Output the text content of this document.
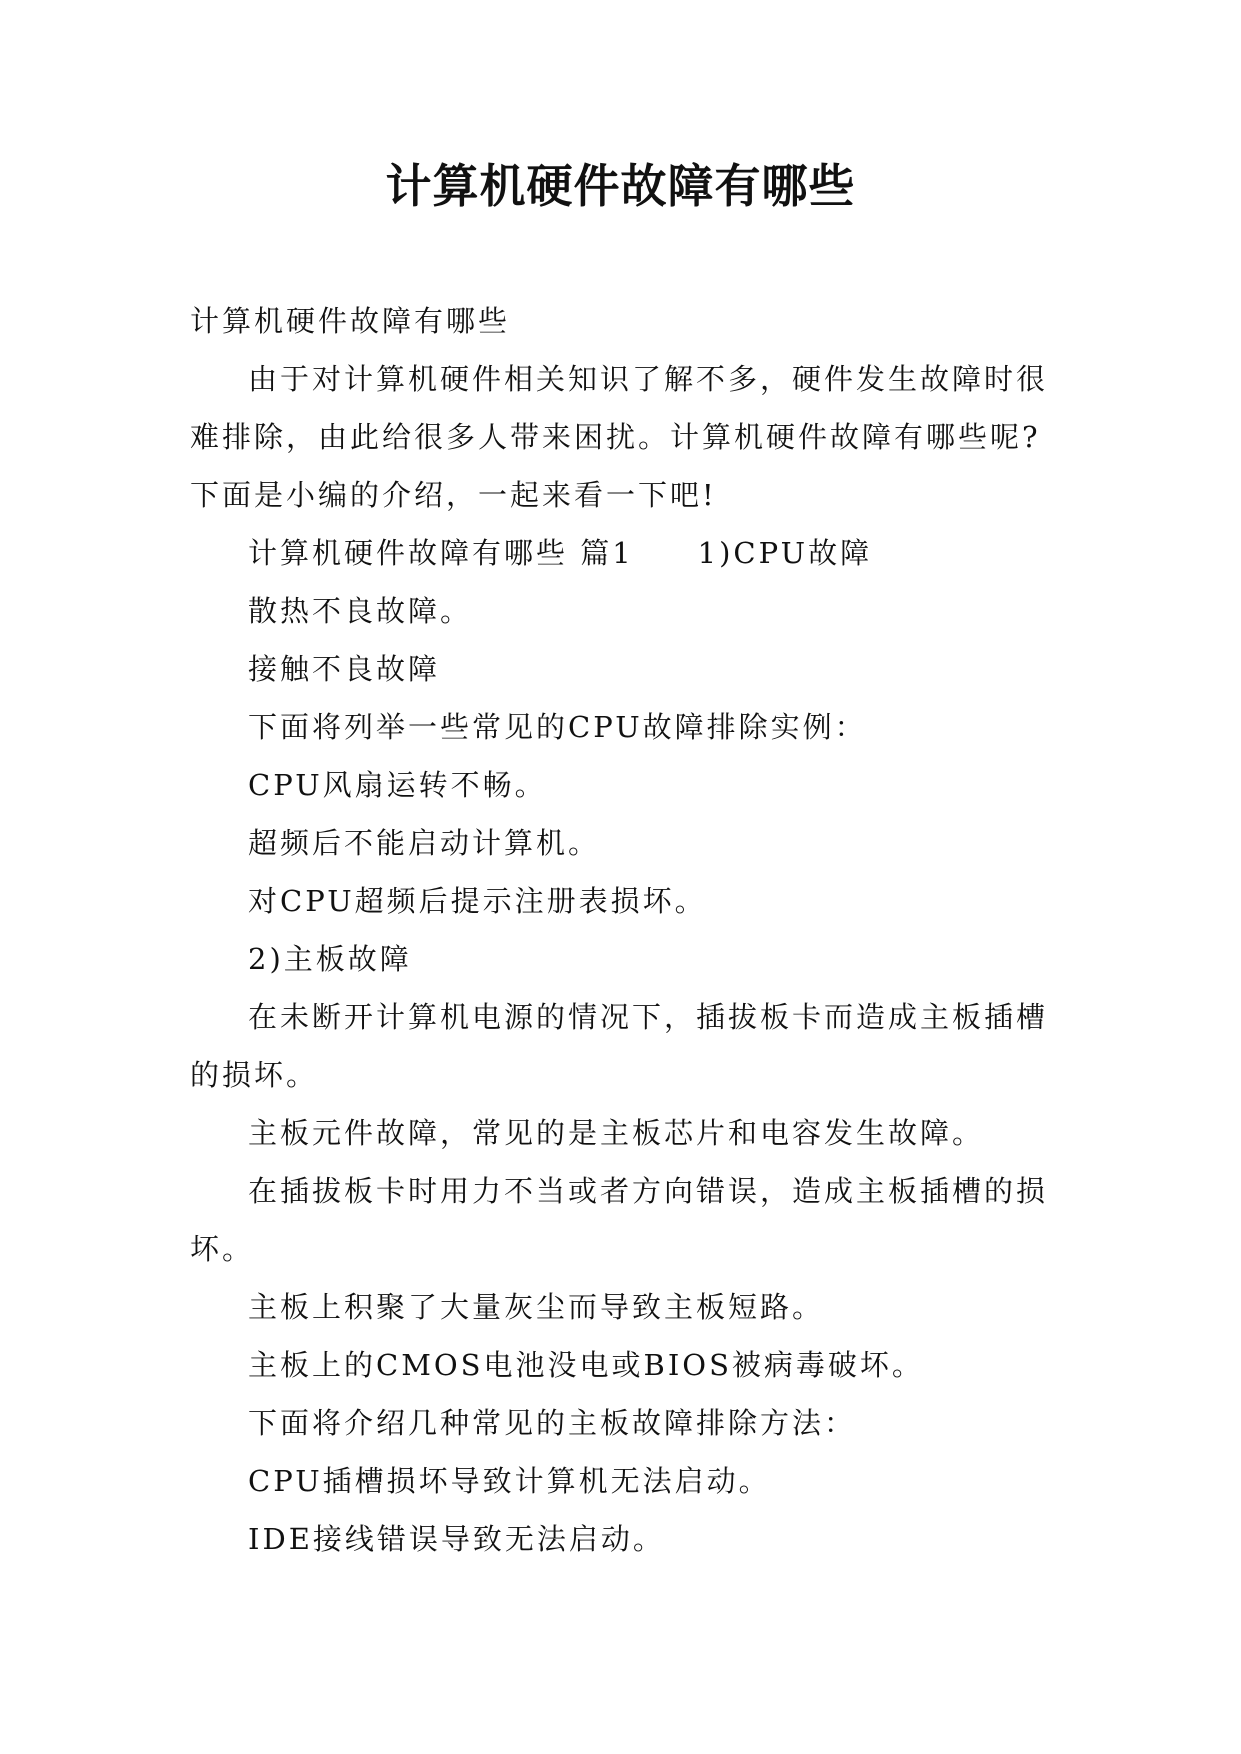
计算机硬件故障有哪些

计算机硬件故障有哪些

由于对计算机硬件相关知识了解不多，硬件发生故障时很难排除，由此给很多人带来困扰。计算机硬件故障有哪些呢?下面是小编的介绍，一起来看一下吧!

计算机硬件故障有哪些 篇1　　1)CPU故障

散热不良故障。

接触不良故障

下面将列举一些常见的CPU故障排除实例：

CPU风扇运转不畅。

超频后不能启动计算机。

对CPU超频后提示注册表损坏。

2)主板故障

在未断开计算机电源的情况下，插拔板卡而造成主板插槽的损坏。

主板元件故障，常见的是主板芯片和电容发生故障。

在插拔板卡时用力不当或者方向错误，造成主板插槽的损坏。

主板上积聚了大量灰尘而导致主板短路。

主板上的CMOS电池没电或BIOS被病毒破坏。

下面将介绍几种常见的主板故障排除方法：

CPU插槽损坏导致计算机无法启动。

IDE接线错误导致无法启动。
